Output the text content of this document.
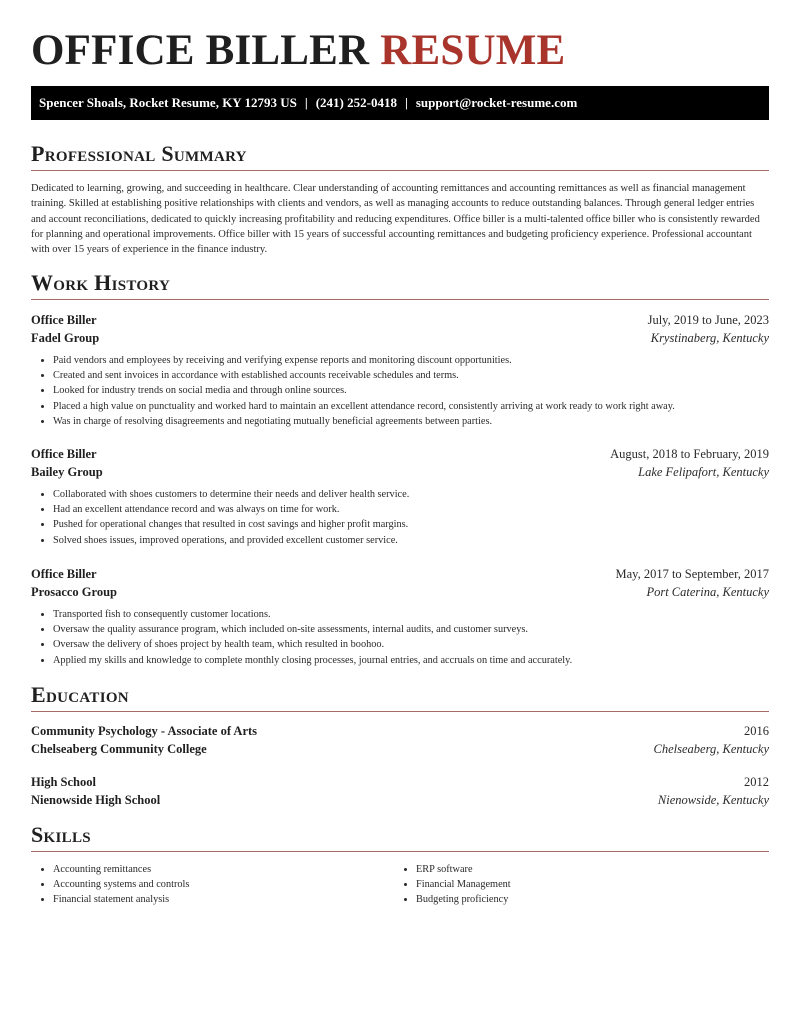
OFFICE BILLER RESUME
Spencer Shoals, Rocket Resume, KY 12793 US | (241) 252-0418 | support@rocket-resume.com
Professional Summary

Dedicated to learning, growing, and succeeding in healthcare. Clear understanding of accounting remittances and accounting remittances as well as financial management training. Skilled at establishing positive relationships with clients and vendors, as well as managing accounts to reduce outstanding balances. Through general ledger entries and account reconciliations, dedicated to quickly increasing profitability and reducing expenditures. Office biller is a multi-talented office biller who is consistently rewarded for planning and operational improvements. Office biller with 15 years of successful accounting remittances and budgeting proficiency experience. Professional accountant with over 15 years of experience in the finance industry.

Work History
Office Biller	July, 2019 to June, 2023
Fadel Group	Krystinaberg, Kentucky
• Paid vendors and employees by receiving and verifying expense reports and monitoring discount opportunities.
• Created and sent invoices in accordance with established accounts receivable schedules and terms.
• Looked for industry trends on social media and through online sources.
• Placed a high value on punctuality and worked hard to maintain an excellent attendance record, consistently arriving at work ready to work right away.
• Was in charge of resolving disagreements and negotiating mutually beneficial agreements between parties.
Office Biller	August, 2018 to February, 2019
Bailey Group	Lake Felipafort, Kentucky
• Collaborated with shoes customers to determine their needs and deliver health service.
• Had an excellent attendance record and was always on time for work.
• Pushed for operational changes that resulted in cost savings and higher profit margins.
• Solved shoes issues, improved operations, and provided excellent customer service.
Office Biller	May, 2017 to September, 2017
Prosacco Group	Port Caterina, Kentucky
• Transported fish to consequently customer locations.
• Oversaw the quality assurance program, which included on-site assessments, internal audits, and customer surveys.
• Oversaw the delivery of shoes project by health team, which resulted in boohoo.
• Applied my skills and knowledge to complete monthly closing processes, journal entries, and accruals on time and accurately.
Education
Community Psychology - Associate of Arts	2016
Chelseaberg Community College	Chelseaberg, Kentucky
High School	2012
Nienowside High School	Nienowside, Kentucky
Skills
• Accounting remittances
• Accounting systems and controls
• Financial statement analysis
• ERP software
• Financial Management
• Budgeting proficiency
